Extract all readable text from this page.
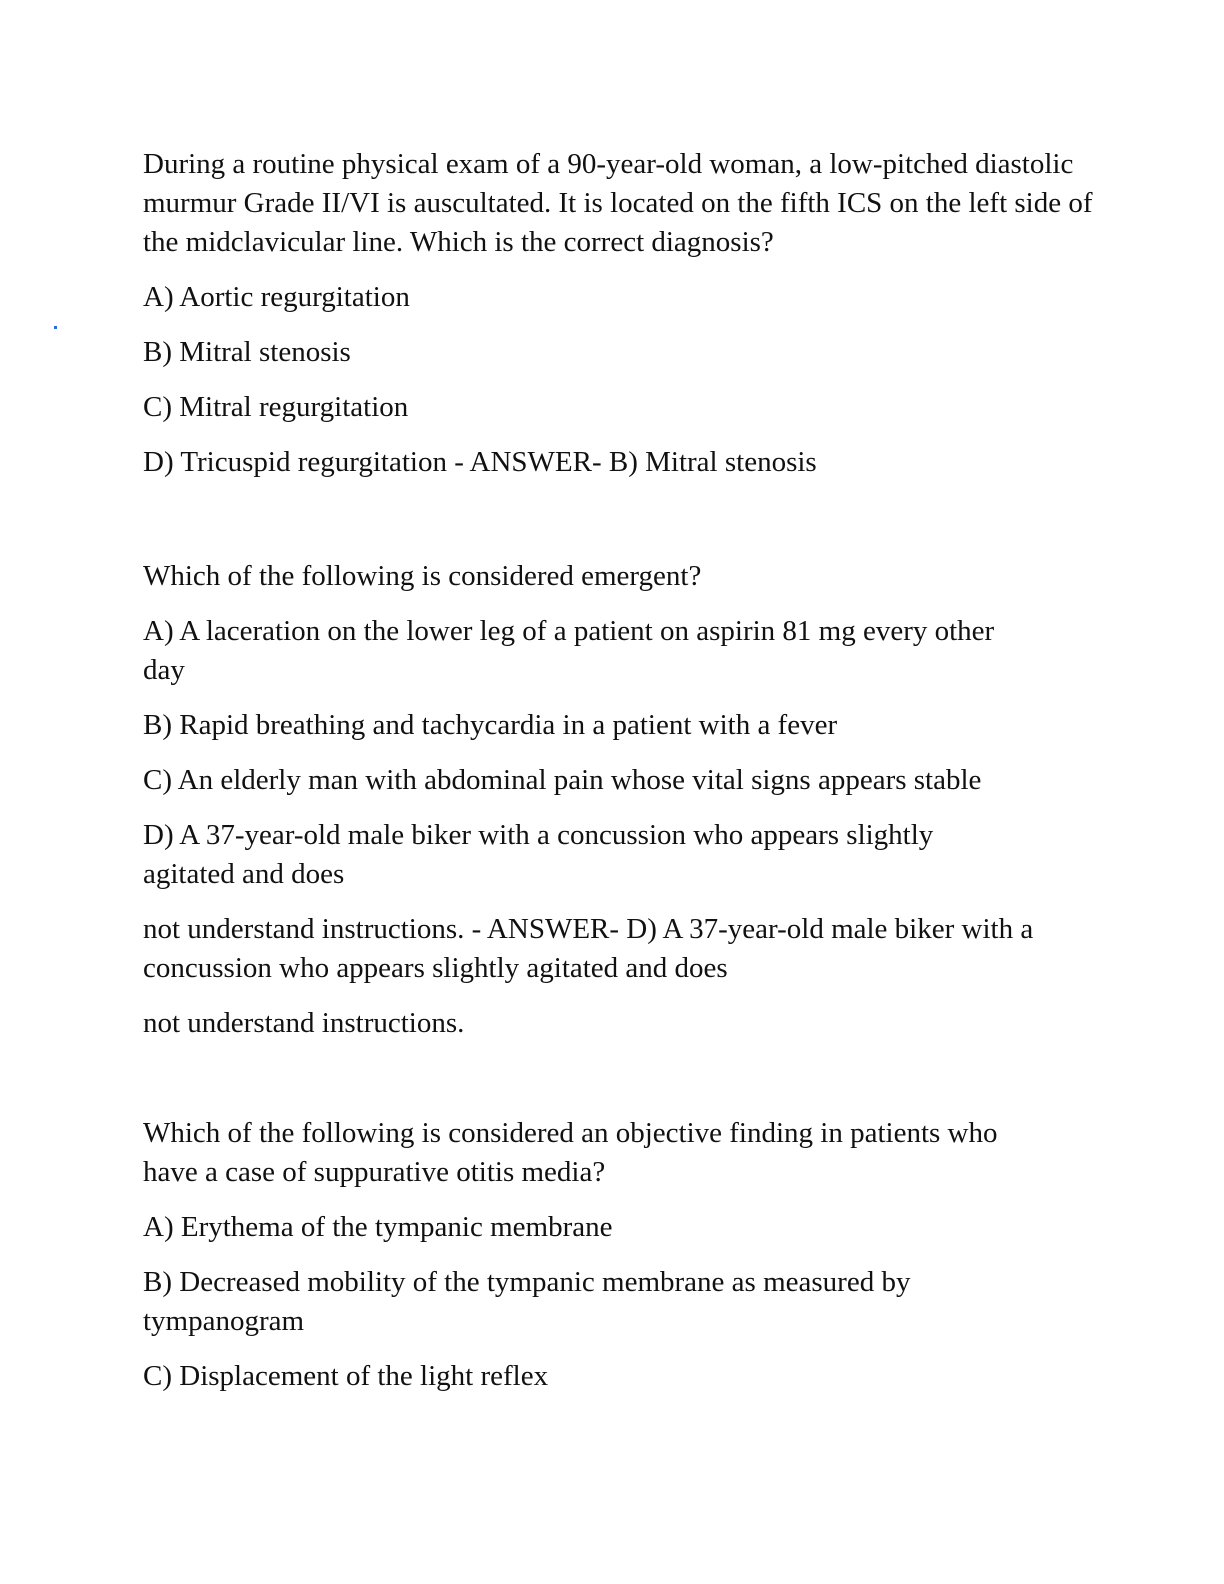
During a routine physical exam of a 90-year-old woman, a low-pitched diastolic murmur Grade II/VI is auscultated. It is located on the fifth ICS on the left side of the midclavicular line. Which is the correct diagnosis?

A) Aortic regurgitation

B) Mitral stenosis

C) Mitral regurgitation

D) Tricuspid regurgitation - ANSWER- B) Mitral stenosis

Which of the following is considered emergent?

A) A laceration on the lower leg of a patient on aspirin 81 mg every other day

B) Rapid breathing and tachycardia in a patient with a fever

C) An elderly man with abdominal pain whose vital signs appears stable

D) A 37-year-old male biker with a concussion who appears slightly agitated and does

not understand instructions. - ANSWER- D) A 37-year-old male biker with a concussion who appears slightly agitated and does

not understand instructions.

Which of the following is considered an objective finding in patients who have a case of suppurative otitis media?

A) Erythema of the tympanic membrane

B) Decreased mobility of the tympanic membrane as measured by tympanogram

C) Displacement of the light reflex
